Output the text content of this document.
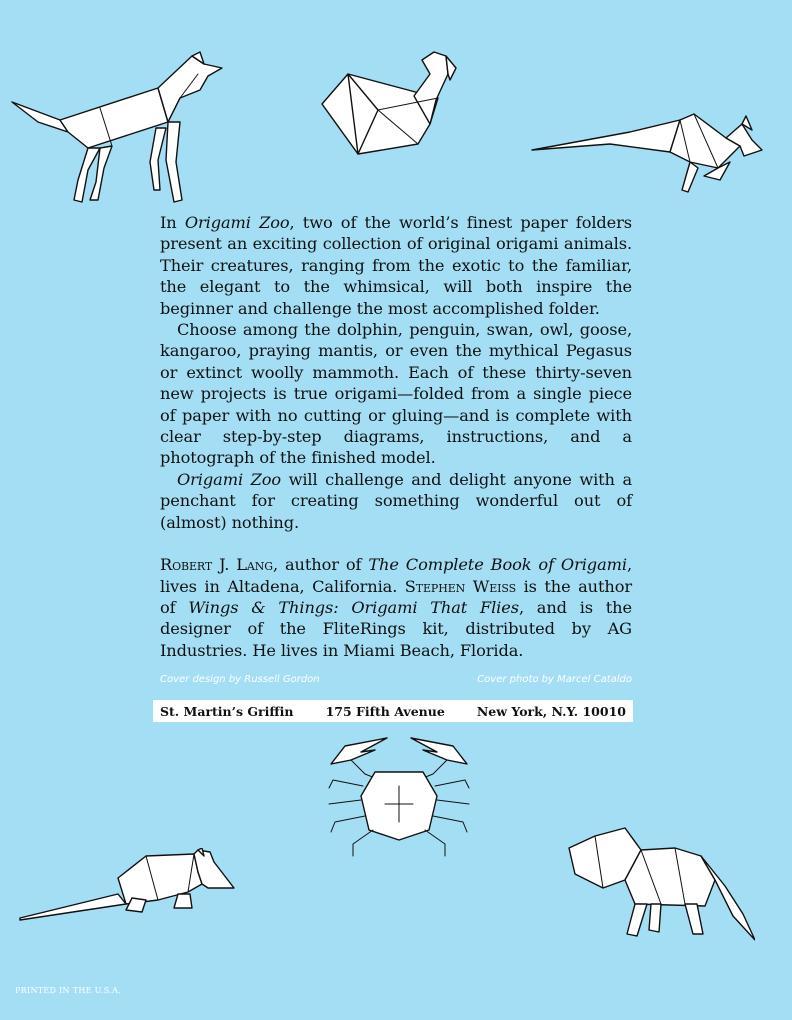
In Origami Zoo, two of the world’s finest paper folders present an exciting collection of original origami animals. Their creatures, ranging from the exotic to the familiar, the elegant to the whimsical, will both inspire the beginner and challenge the most accomplished folder.

Choose among the dolphin, penguin, swan, owl, goose, kangaroo, praying mantis, or even the mythical Pegasus or extinct woolly mammoth. Each of these thirty-seven new projects is true origami—folded from a single piece of paper with no cutting or gluing—and is complete with clear step-by-step diagrams, instructions, and a photograph of the finished model.

Origami Zoo will challenge and delight anyone with a penchant for creating something wonderful out of (almost) nothing.

Robert J. Lang, author of The Complete Book of Origami, lives in Altadena, California. Stephen Weiss is the author of Wings & Things: Origami That Flies, and is the designer of the FliteRings kit, distributed by AG Industries. He lives in Miami Beach, Florida.

Cover design by Russell Gordon	Cover photo by Marcel Cataldo
St. Martin’s Griffin	175 Fifth Avenue	New York, N.Y. 10010
PRINTED IN THE U.S.A.
